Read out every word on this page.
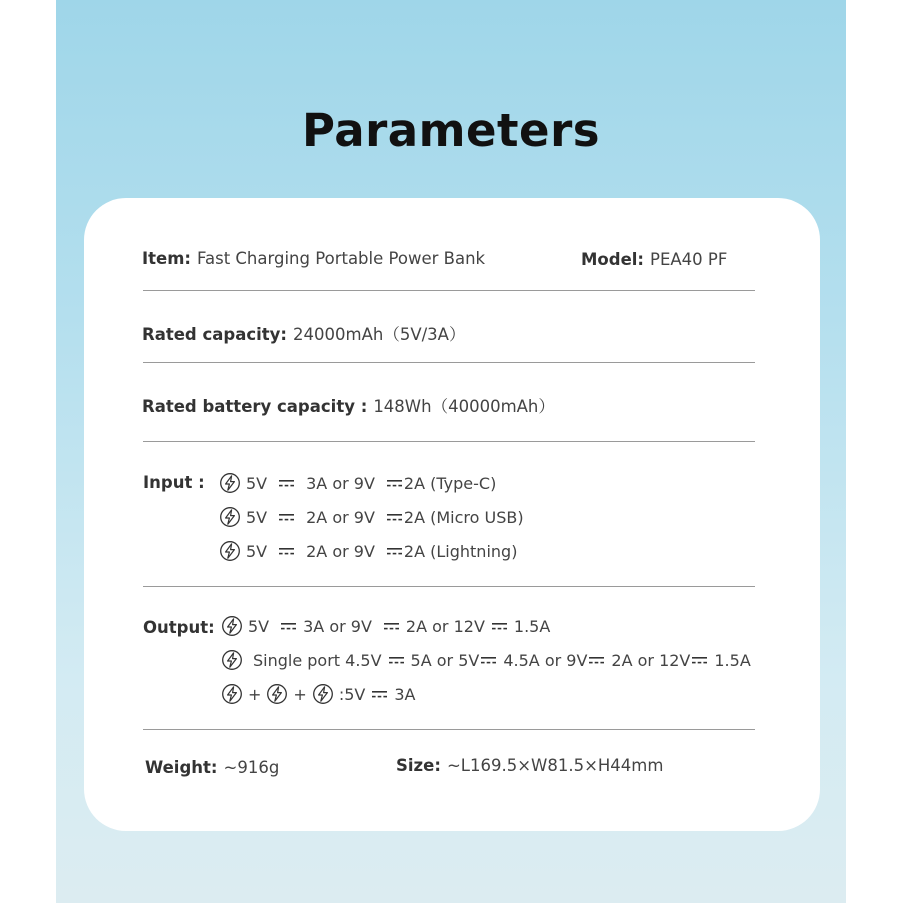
Parameters
Item: Fast Charging Portable Power Bank	Model: PEA40 PF
Rated capacity: 24000mAh（5V/3A）
Rated battery capacity : 148Wh（40000mAh）
Input :	5V 3A or 9V 2A (Type-C)
5V 2A or 9V 2A (Micro USB)
5V 2A or 9V 2A (Lightning)
Output: 5V 3A or 9V 2A or 12V 1.5A
Single port 4.5V 5A or 5V 4.5A or 9V 2A or 12V 1.5A
+ + :5V 3A
Weight: ~916g	Size: ~L169.5×W81.5×H44mm
